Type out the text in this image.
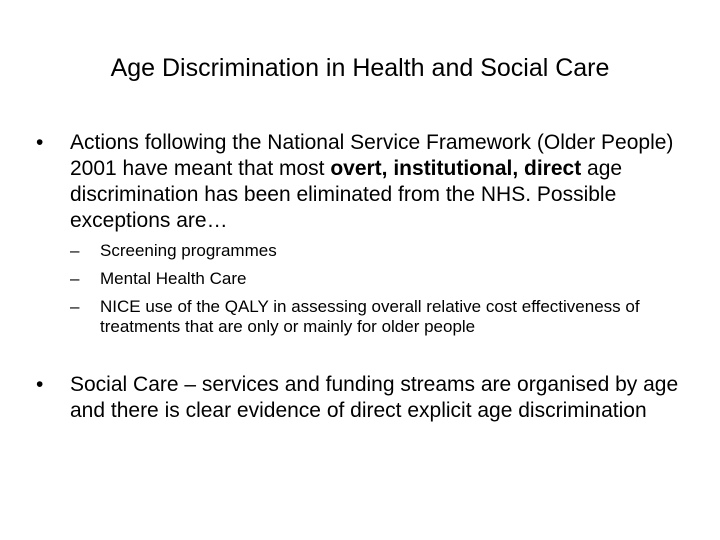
Age Discrimination in Health and Social Care
•	Actions following the National Service Framework (Older People) 2001 have meant that most overt, institutional, direct age discrimination has been eliminated from the NHS. Possible exceptions are…
–	Screening programmes
–	Mental Health Care
–	NICE use of the QALY in assessing overall relative cost effectiveness of treatments that are only or mainly for older people
•	Social Care – services and funding streams are organised by age and there is clear evidence of direct explicit age discrimination
